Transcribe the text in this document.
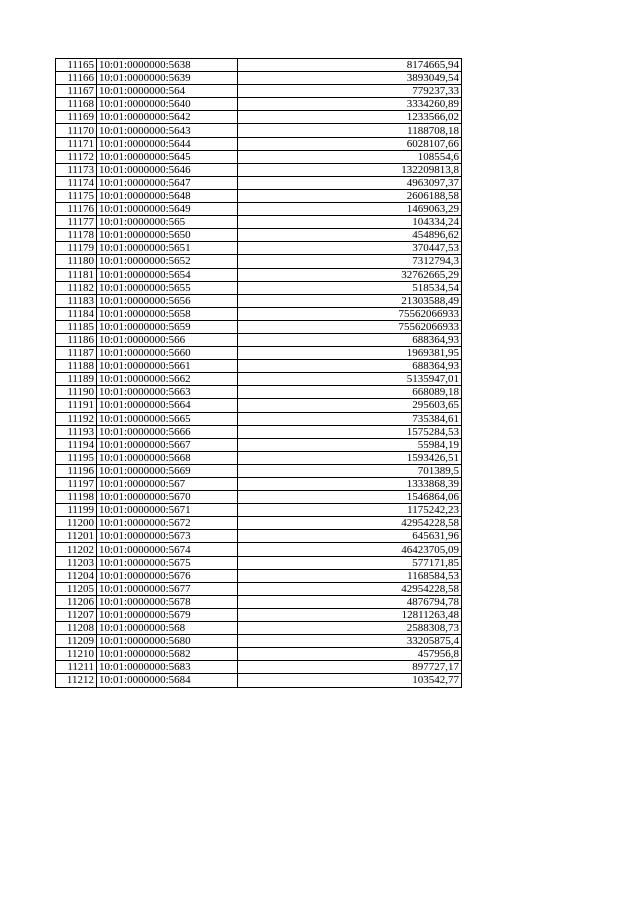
11165	10:01:0000000:5638	8174665,94
11166	10:01:0000000:5639	3893049,54
11167	10:01:0000000:564	779237,33
11168	10:01:0000000:5640	3334260,89
11169	10:01:0000000:5642	1233566,02
11170	10:01:0000000:5643	1188708,18
11171	10:01:0000000:5644	6028107,66
11172	10:01:0000000:5645	108554,6
11173	10:01:0000000:5646	132209813,8
11174	10:01:0000000:5647	4963097,37
11175	10:01:0000000:5648	2606188,58
11176	10:01:0000000:5649	1469063,29
11177	10:01:0000000:565	104334,24
11178	10:01:0000000:5650	454896,62
11179	10:01:0000000:5651	370447,53
11180	10:01:0000000:5652	7312794,3
11181	10:01:0000000:5654	32762665,29
11182	10:01:0000000:5655	518534,54
11183	10:01:0000000:5656	21303588,49
11184	10:01:0000000:5658	75562066933
11185	10:01:0000000:5659	75562066933
11186	10:01:0000000:566	688364,93
11187	10:01:0000000:5660	1969381,95
11188	10:01:0000000:5661	688364,93
11189	10:01:0000000:5662	5135947,01
11190	10:01:0000000:5663	668089,18
11191	10:01:0000000:5664	295603,65
11192	10:01:0000000:5665	735384,61
11193	10:01:0000000:5666	1575284,53
11194	10:01:0000000:5667	55984,19
11195	10:01:0000000:5668	1593426,51
11196	10:01:0000000:5669	701389,5
11197	10:01:0000000:567	1333868,39
11198	10:01:0000000:5670	1546864,06
11199	10:01:0000000:5671	1175242,23
11200	10:01:0000000:5672	42954228,58
11201	10:01:0000000:5673	645631,96
11202	10:01:0000000:5674	46423705,09
11203	10:01:0000000:5675	577171,85
11204	10:01:0000000:5676	1168584,53
11205	10:01:0000000:5677	42954228,58
11206	10:01:0000000:5678	4876794,78
11207	10:01:0000000:5679	12811263,48
11208	10:01:0000000:568	2588308,73
11209	10:01:0000000:5680	33205875,4
11210	10:01:0000000:5682	457956,8
11211	10:01:0000000:5683	897727,17
11212	10:01:0000000:5684	103542,77
